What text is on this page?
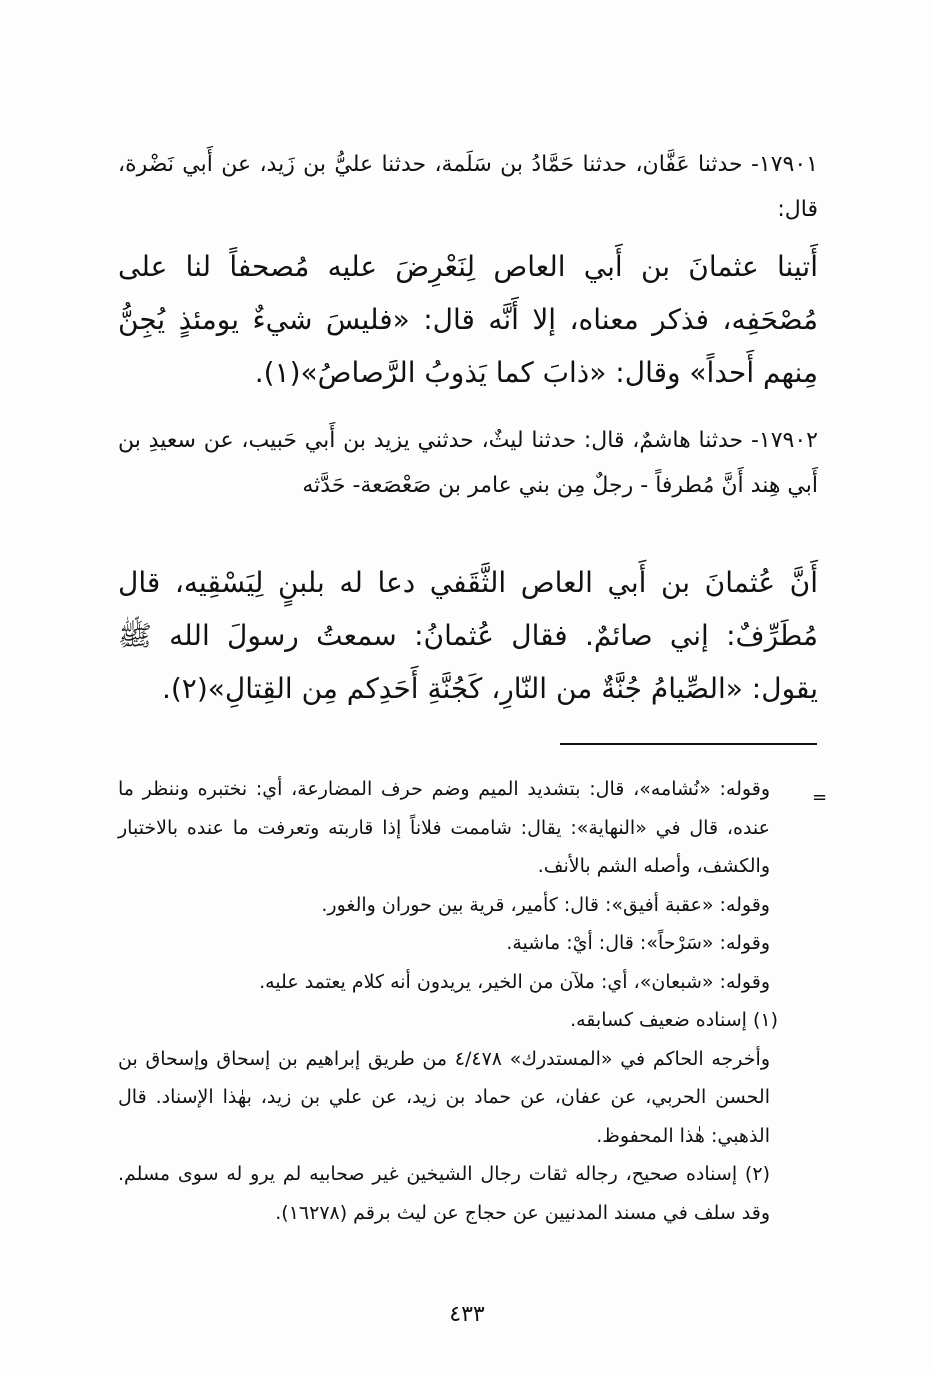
١٧٩٠١- حدثنا عَفَّان، حدثنا حَمَّادُ بن سَلَمة، حدثنا عليُّ بن زَيد، عن أَبي نَضْرة، قال:
أَتينا عثمانَ بن أَبي العاص لِنَعْرِضَ عليه مُصحفاً لنا على مُصْحَفِه، فذكر معناه، إلا أَنَّه قال: «فليسَ شيءٌ يومئذٍ يُجِنُّ مِنهم أَحداً» وقال: «ذابَ كما يَذوبُ الرَّصاصُ»(١).
١٧٩٠٢- حدثنا هاشمٌ، قال: حدثنا ليثٌ، حدثني يزيد بن أَبي حَبيب، عن سعيدِ بن أَبي هِند أَنَّ مُطرفاً - رجلٌ مِن بني عامر بن صَعْصَعة- حَدَّثه
أَنَّ عُثمانَ بن أَبي العاص الثَّقَفي دعا له بلبنٍ لِيَسْقِيه، قال مُطَرِّفٌ: إني صائمٌ. فقال عُثمانُ: سمعتُ رسولَ الله ﷺ يقول: «الصِّيامُ جُنَّةٌ من النّارِ، كَجُنَّةِ أَحَدِكم مِن القِتالِ»(٢).
=

وقوله: «نُشامه»، قال: بتشديد الميم وضم حرف المضارعة، أي: نختبره وننظر ما عنده، قال في «النهاية»: يقال: شاممت فلاناً إذا قاربته وتعرفت ما عنده بالاختبار والكشف، وأصله الشم بالأنف.

وقوله: «عقبة أفيق»: قال: كأمير، قرية بين حوران والغور.

وقوله: «سَرْحاً»: قال: أيْ: ماشية.

وقوله: «شبعان»، أي: ملآن من الخير، يريدون أنه كلام يعتمد عليه.

(١) إسناده ضعيف كسابقه.

وأخرجه الحاكم في «المستدرك» ٤/٤٧٨ من طريق إبراهيم بن إسحاق وإسحاق بن الحسن الحربي، عن عفان، عن حماد بن زيد، عن علي بن زيد، بهٰذا الإسناد. قال الذهبي: هٰذا المحفوظ.

(٢) إسناده صحيح، رجاله ثقات رجال الشيخين غير صحابيه لم يرو له سوى مسلم. وقد سلف في مسند المدنيين عن حجاج عن ليث برقم (١٦٢٧٨).

٤٣٣
